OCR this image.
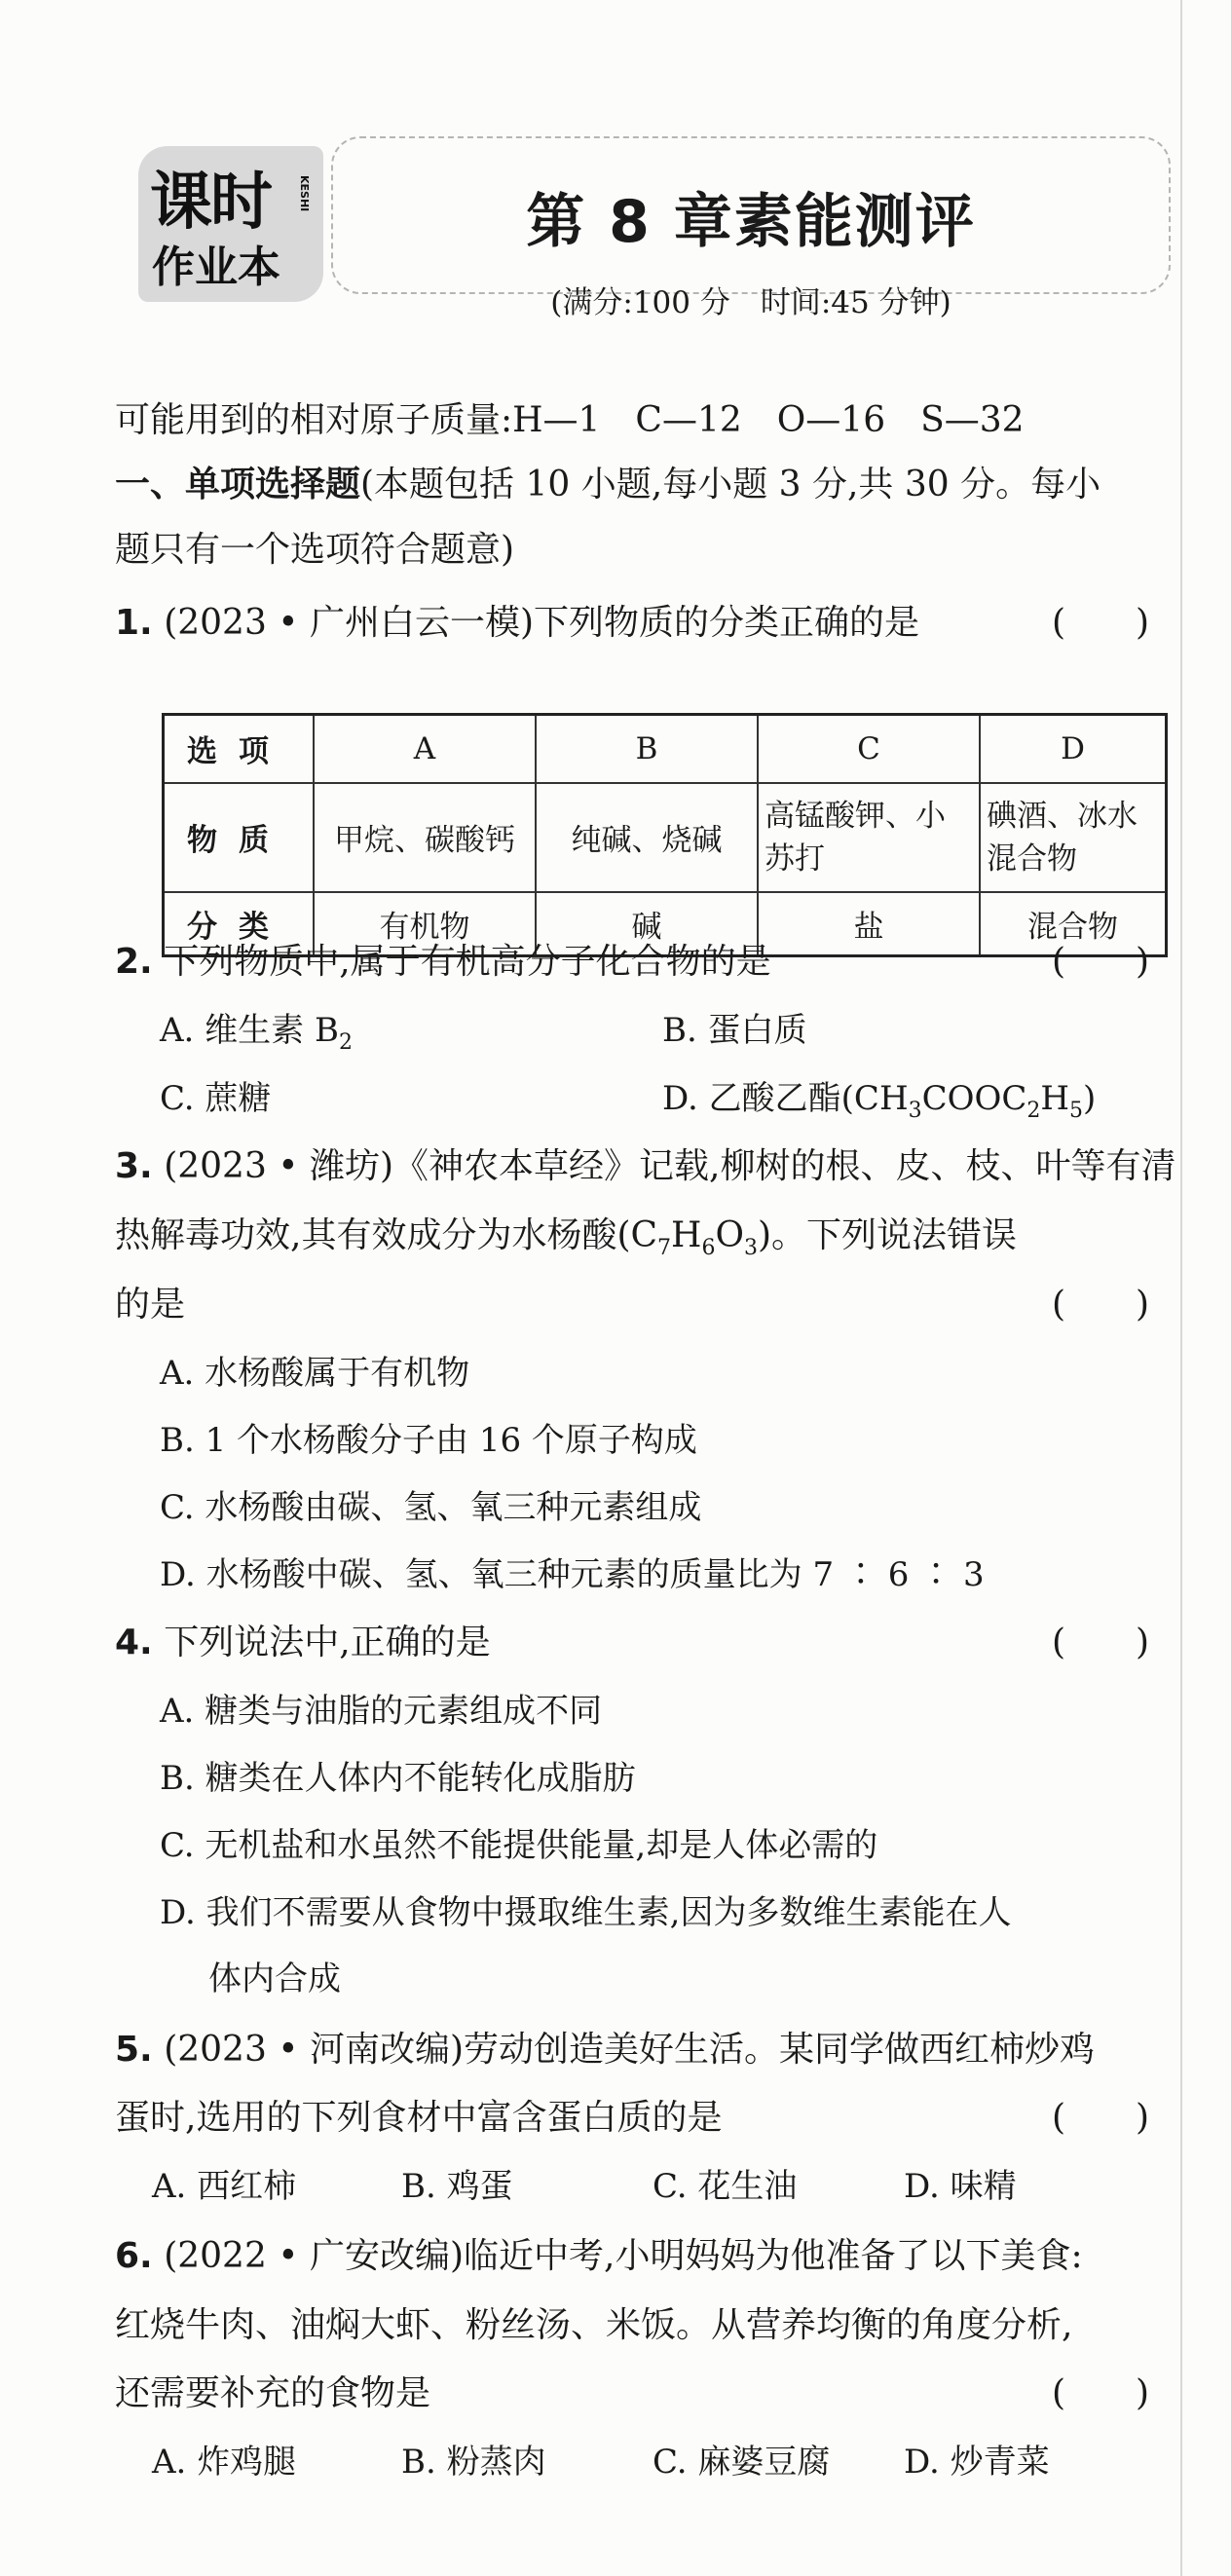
课时
作业本
KESHI	第 8 章素能测评
(满分:100 分　时间:45 分钟)
可能用到的相对原子质量:H—1　C—12　O—16　S—32
一、单项选择题(本题包括 10 小题,每小题 3 分,共 30 分。每小
题只有一个选项符合题意)
1. (2023 • 广州白云一模)下列物质的分类正确的是	(　　)
选项	A	B	C	D
物质	甲烷、碳酸钙	纯碱、烧碱	高锰酸钾、小苏打	碘酒、冰水混合物
分类	有机物	碱	盐	混合物
2. 下列物质中,属于有机高分子化合物的是	(　　)
A. 维生素 $B_2$	B. 蛋白质
C. 蔗糖	D. 乙酸乙酯$(CH_3COOC_2H_5)$
3. (2023 • 潍坊)《神农本草经》记载,柳树的根、皮、枝、叶等有清
热解毒功效,其有效成分为水杨酸$(C_7H_6O_3)$。下列说法错误
的是	(　　)
A. 水杨酸属于有机物
B. 1 个水杨酸分子由 16 个原子构成
C. 水杨酸由碳、氢、氧三种元素组成
D. 水杨酸中碳、氢、氧三种元素的质量比为 7 ∶ 6 ∶ 3
4. 下列说法中,正确的是	(　　)
A. 糖类与油脂的元素组成不同
B. 糖类在人体内不能转化成脂肪
C. 无机盐和水虽然不能提供能量,却是人体必需的
D. 我们不需要从食物中摄取维生素,因为多数维生素能在人
体内合成
5. (2023 • 河南改编)劳动创造美好生活。某同学做西红柿炒鸡
蛋时,选用的下列食材中富含蛋白质的是	(　　)
A. 西红柿	B. 鸡蛋	C. 花生油	D. 味精
6. (2022 • 广安改编)临近中考,小明妈妈为他准备了以下美食:
红烧牛肉、油焖大虾、粉丝汤、米饭。从营养均衡的角度分析,
还需要补充的食物是	(　　)
A. 炸鸡腿	B. 粉蒸肉	C. 麻婆豆腐 D. 炒青菜
